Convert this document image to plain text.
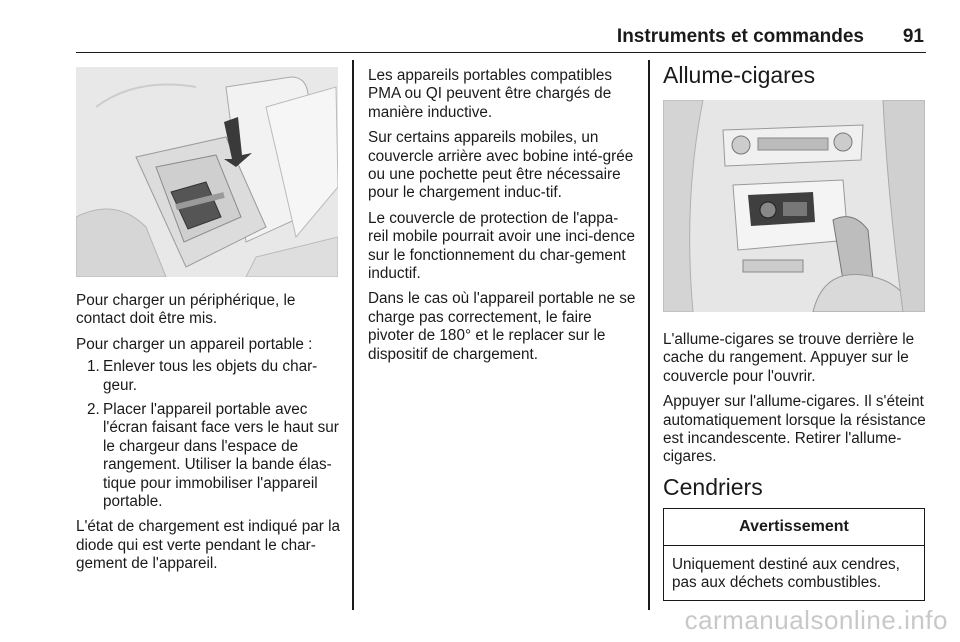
Instruments et commandes 91

Pour charger un périphérique, le contact doit être mis.

Pour charger un appareil portable :

1. Enlever tous les objets du char-geur.
2. Placer l'appareil portable avec l'écran faisant face vers le haut sur le chargeur dans l'espace de rangement. Utiliser la bande élas-tique pour immobiliser l'appareil portable.

L'état de chargement est indiqué par la diode qui est verte pendant le char-gement de l'appareil.

Les appareils portables compatibles PMA ou QI peuvent être chargés de manière inductive.

Sur certains appareils mobiles, un couvercle arrière avec bobine inté-grée ou une pochette peut être nécessaire pour le chargement induc-tif.

Le couvercle de protection de l'appa-reil mobile pourrait avoir une inci-dence sur le fonctionnement du char-gement inductif.

Dans le cas où l'appareil portable ne se charge pas correctement, le faire pivoter de 180° et le replacer sur le dispositif de chargement.

Allume-cigares

L'allume-cigares se trouve derrière le cache du rangement. Appuyer sur le couvercle pour l'ouvrir.

Appuyer sur l'allume-cigares. Il s'éteint automatiquement lorsque la résistance est incandescente. Retirer l'allume-cigares.

Cendriers
Avertissement
Uniquement destiné aux cendres, pas aux déchets combustibles.
carmanualsonline.info
